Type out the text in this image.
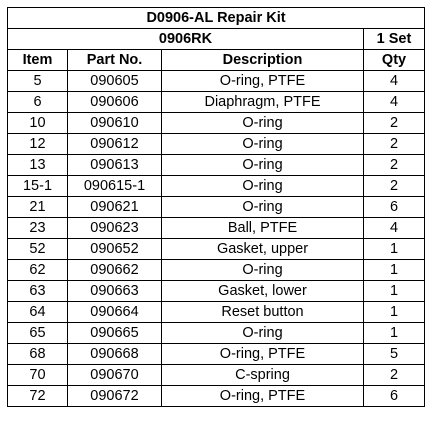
D0906-AL Repair Kit			
0906RK			1 Set
Item	Part No.	Description	Qty
5	090605	O-ring, PTFE	4
6	090606	Diaphragm, PTFE	4
10	090610	O-ring	2
12	090612	O-ring	2
13	090613	O-ring	2
15-1	090615-1	O-ring	2
21	090621	O-ring	6
23	090623	Ball, PTFE	4
52	090652	Gasket, upper	1
62	090662	O-ring	1
63	090663	Gasket, lower	1
64	090664	Reset button	1
65	090665	O-ring	1
68	090668	O-ring, PTFE	5
70	090670	C-spring	2
72	090672	O-ring, PTFE	6
